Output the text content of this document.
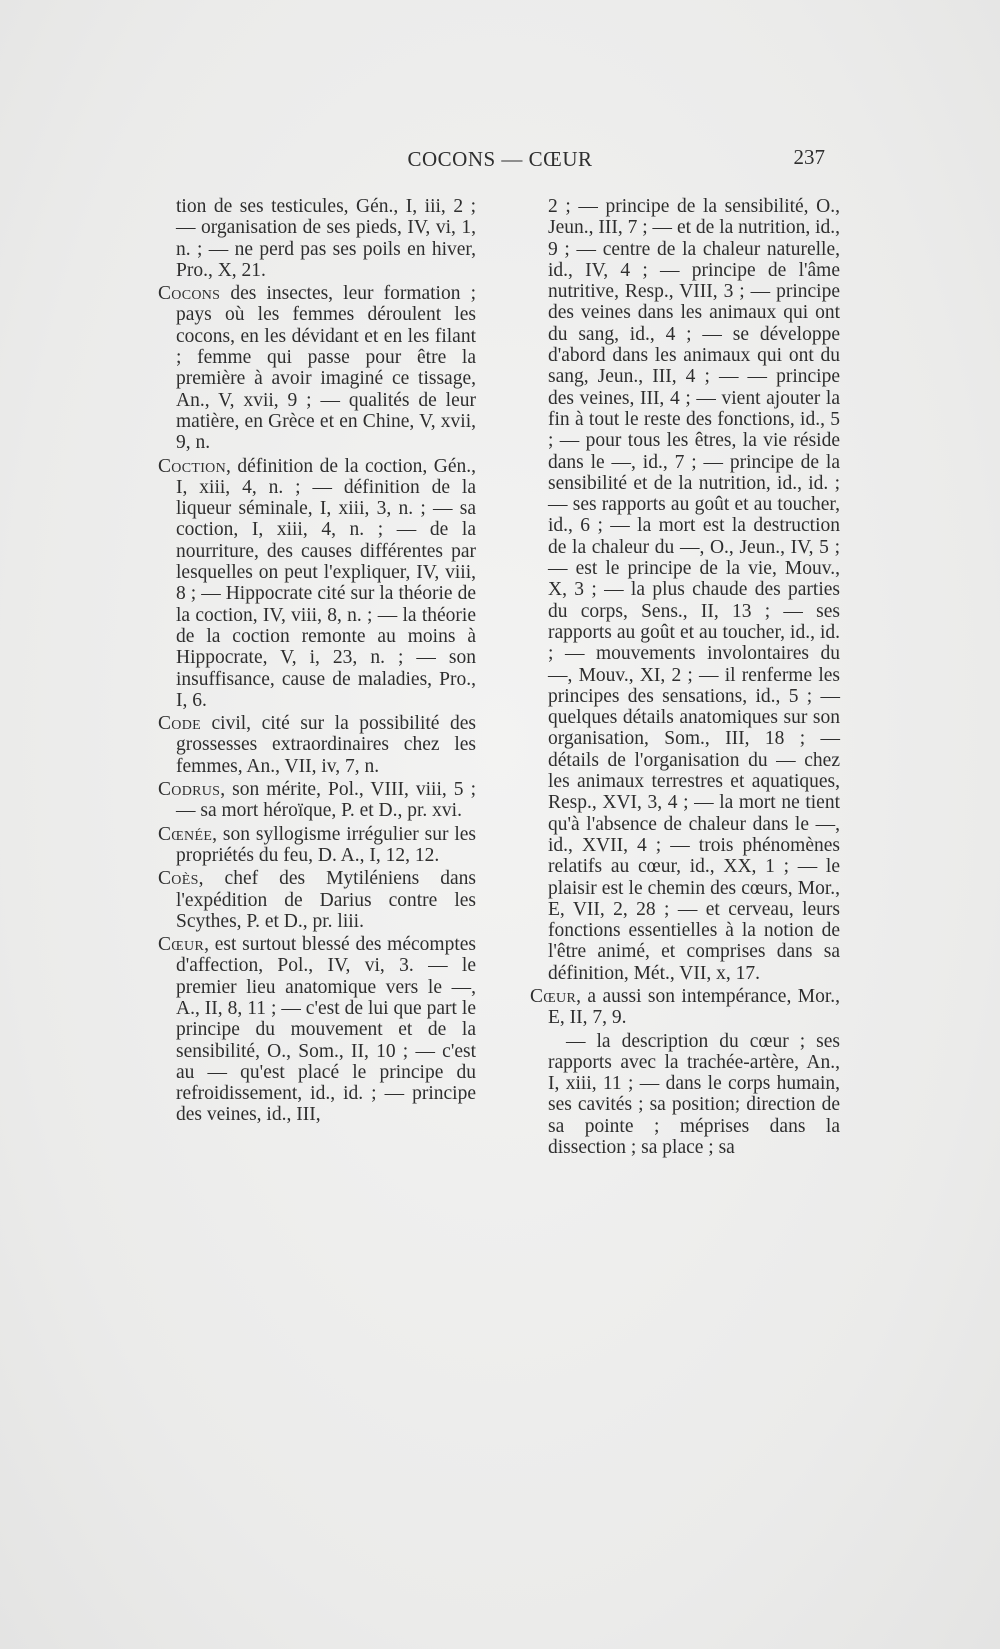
COCONS — CŒUR	237

tion de ses testicules, Gén., I, iii, 2 ; — organisation de ses pieds, IV, vi, 1, n. ; — ne perd pas ses poils en hiver, Pro., X, 21.

Cocons des insectes, leur formation ; pays où les femmes déroulent les cocons, en les dévidant et en les filant ; femme qui passe pour être la première à avoir imaginé ce tissage, An., V, xvii, 9 ; — qualités de leur matière, en Grèce et en Chine, V, xvii, 9, n.

Coction, définition de la coction, Gén., I, xiii, 4, n. ; — définition de la liqueur séminale, I, xiii, 3, n. ; — sa coction, I, xiii, 4, n. ; — de la nourriture, des causes différentes par lesquelles on peut l'expliquer, IV, viii, 8 ; — Hippocrate cité sur la théorie de la coction, IV, viii, 8, n. ; — la théorie de la coction remonte au moins à Hippocrate, V, i, 23, n. ; — son insuffisance, cause de maladies, Pro., I, 6.

Code civil, cité sur la possibilité des grossesses extraordinaires chez les femmes, An., VII, iv, 7, n.

Codrus, son mérite, Pol., VIII, viii, 5 ; — sa mort héroïque, P. et D., pr. xvi.

Cœnée, son syllogisme irrégulier sur les propriétés du feu, D. A., I, 12, 12.

Coès, chef des Mytiléniens dans l'expédition de Darius contre les Scythes, P. et D., pr. liii.

Cœur, est surtout blessé des mécomptes d'affection, Pol., IV, vi, 3. — le premier lieu anatomique vers le —, A., II, 8, 11 ; — c'est de lui que part le principe du mouvement et de la sensibilité, O., Som., II, 10 ; — c'est au — qu'est placé le principe du refroidissement, id., id. ; — principe des veines, id., III,

2 ; — principe de la sensibilité, O., Jeun., III, 7 ; — et de la nutrition, id., 9 ; — centre de la chaleur naturelle, id., IV, 4 ; — principe de l'âme nutritive, Resp., VIII, 3 ; — principe des veines dans les animaux qui ont du sang, id., 4 ; — se développe d'abord dans les animaux qui ont du sang, Jeun., III, 4 ; — — principe des veines, III, 4 ; — vient ajouter la fin à tout le reste des fonctions, id., 5 ; — pour tous les êtres, la vie réside dans le —, id., 7 ; — principe de la sensibilité et de la nutrition, id., id. ; — ses rapports au goût et au toucher, id., 6 ; — la mort est la destruction de la chaleur du —, O., Jeun., IV, 5 ; — est le principe de la vie, Mouv., X, 3 ; — la plus chaude des parties du corps, Sens., II, 13 ; — ses rapports au goût et au toucher, id., id. ; — mouvements involontaires du —, Mouv., XI, 2 ; — il renferme les principes des sensations, id., 5 ; — quelques détails anatomiques sur son organisation, Som., III, 18 ; — détails de l'organisation du — chez les animaux terrestres et aquatiques, Resp., XVI, 3, 4 ; — la mort ne tient qu'à l'absence de chaleur dans le —, id., XVII, 4 ; — trois phénomènes relatifs au cœur, id., XX, 1 ; — le plaisir est le chemin des cœurs, Mor., E, VII, 2, 28 ; — et cerveau, leurs fonctions essentielles à la notion de l'être animé, et comprises dans sa définition, Mét., VII, x, 17.

Cœur, a aussi son intempérance, Mor., E, II, 7, 9.

— la description du cœur ; ses rapports avec la trachée-artère, An., I, xiii, 11 ; — dans le corps humain, ses cavités ; sa position; direction de sa pointe ; méprises dans la dissection ; sa place ; sa
